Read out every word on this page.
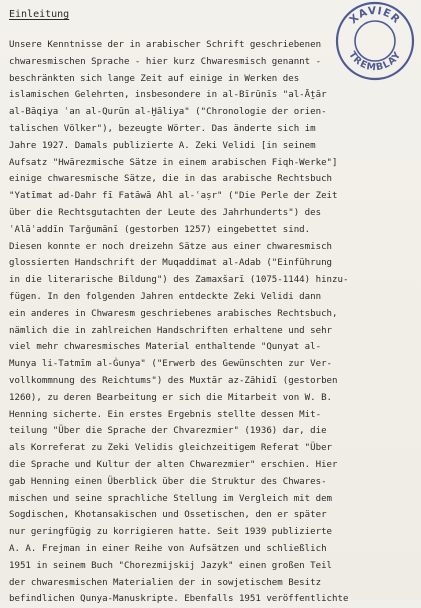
Einleitung	XAVIER
TREMBLAY
Unsere Kenntnisse der in arabischer Schrift geschriebenen
chwaresmischen Sprache - hier kurz Chwaresmisch genannt -
beschränkten sich lange Zeit auf einige in Werken des
islamischen Gelehrten, insbesondere in al-Bīrūnīs "al-Āṯār
al-Bāqiya ʿan al-Qurūn al-Ḫāliya" ("Chronologie der orien-
talischen Völker"), bezeugte Wörter. Das änderte sich im
Jahre 1927. Damals publizierte A. Zeki Velidi [in seinem
Aufsatz "Hwārezmische Sätze in einem arabischen Fiqh-Werke"]
einige chwaresmische Sätze, die in das arabische Rechtsbuch
"Yatīmat ad-Dahr fī Fatāwā Ahl al-ʿaṣr" ("Die Perle der Zeit
über die Rechtsgutachten der Leute des Jahrhunderts") des
ʿAlāʾaddīn Tarǧumānī (gestorben 1257) eingebettet sind.
Diesen konnte er noch dreizehn Sätze aus einer chwaresmisch
glossierten Handschrift der Muqaddimat al-Adab ("Einführung
in die literarische Bildung") des Zamaxšarī (1075-1144) hinzu-
fügen. In den folgenden Jahren entdeckte Zeki Velidi dann
ein anderes in Chwaresm geschriebenes arabisches Rechtsbuch,
nämlich die in zahlreichen Handschriften erhaltene und sehr
viel mehr chwaresmisches Material enthaltende "Qunyat al-
Munya li-Tatmīm al-Ġunya" ("Erwerb des Gewünschten zur Ver-
vollkommnung des Reichtums") des Muxtār az-Zāhidī (gestorben
1260), zu deren Bearbeitung er sich die Mitarbeit von W. B.
Henning sicherte. Ein erstes Ergebnis stellte dessen Mit-
teilung "Über die Sprache der Chvarezmier" (1936) dar, die
als Korreferat zu Zeki Velidis gleichzeitigem Referat "Über
die Sprache und Kultur der alten Chwarezmier" erschien. Hier
gab Henning einen Überblick über die Struktur des Chwares-
mischen und seine sprachliche Stellung im Vergleich mit dem
Sogdischen, Khotansakischen und Ossetischen, den er später
nur geringfügig zu korrigieren hatte. Seit 1939 publizierte
A. A. Frejman in einer Reihe von Aufsätzen und schließlich
1951 in seinem Buch "Chorezmijskij Jazyk" einen großen Teil
der chwaresmischen Materialien der in sowjetischem Besitz
befindlichen Qunya-Manuskripte. Ebenfalls 1951 veröffentlichte
